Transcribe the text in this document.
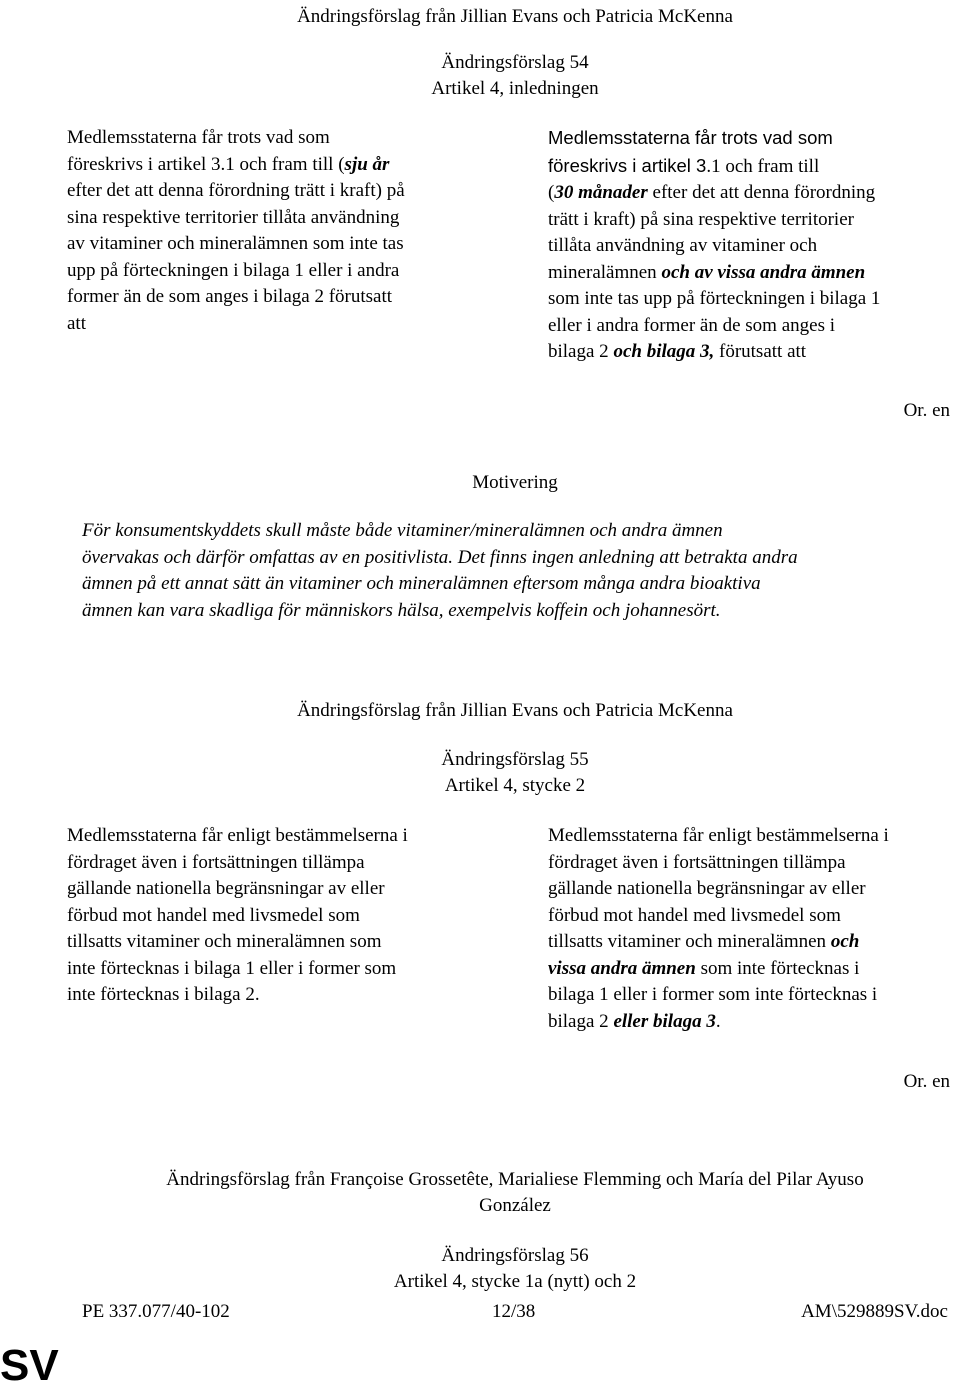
Ändringsförslag från Jillian Evans och Patricia McKenna
Ändringsförslag 54
Artikel 4, inledningen
Medlemsstaterna får trots vad som
föreskrivs i artikel 3.1 och fram till (sju år
efter det att denna förordning trätt i kraft) på
sina respektive territorier tillåta användning
av vitaminer och mineralämnen som inte tas
upp på förteckningen i bilaga 1 eller i andra
former än de som anges i bilaga 2 förutsatt
att
Medlemsstaterna får trots vad som
föreskrivs i artikel 3.1 och fram till
(30 månader efter det att denna förordning
trätt i kraft) på sina respektive territorier
tillåta användning av vitaminer och
mineralämnen och av vissa andra ämnen
som inte tas upp på förteckningen i bilaga 1
eller i andra former än de som anges i
bilaga 2 och bilaga 3, förutsatt att
Or. en
Motivering
För konsumentskyddets skull måste både vitaminer/mineralämnen och andra ämnen
övervakas och därför omfattas av en positivlista. Det finns ingen anledning att betrakta andra
ämnen på ett annat sätt än vitaminer och mineralämnen eftersom många andra bioaktiva
ämnen kan vara skadliga för människors hälsa, exempelvis koffein och johannesört.
Ändringsförslag från Jillian Evans och Patricia McKenna
Ändringsförslag 55
Artikel 4, stycke 2
Medlemsstaterna får enligt bestämmelserna i
fördraget även i fortsättningen tillämpa
gällande nationella begränsningar av eller
förbud mot handel med livsmedel som
tillsatts vitaminer och mineralämnen som
inte förtecknas i bilaga 1 eller i former som
inte förtecknas i bilaga 2.
Medlemsstaterna får enligt bestämmelserna i
fördraget även i fortsättningen tillämpa
gällande nationella begränsningar av eller
förbud mot handel med livsmedel som
tillsatts vitaminer och mineralämnen och
vissa andra ämnen som inte förtecknas i
bilaga 1 eller i former som inte förtecknas i
bilaga 2 eller bilaga 3.
Or. en
Ändringsförslag från Françoise Grossetête, Marialiese Flemming och María del Pilar Ayuso
González
Ändringsförslag 56
Artikel 4, stycke 1a (nytt) och 2
PE 337.077/40-102	12/38	AM\529889SV.doc
SV
